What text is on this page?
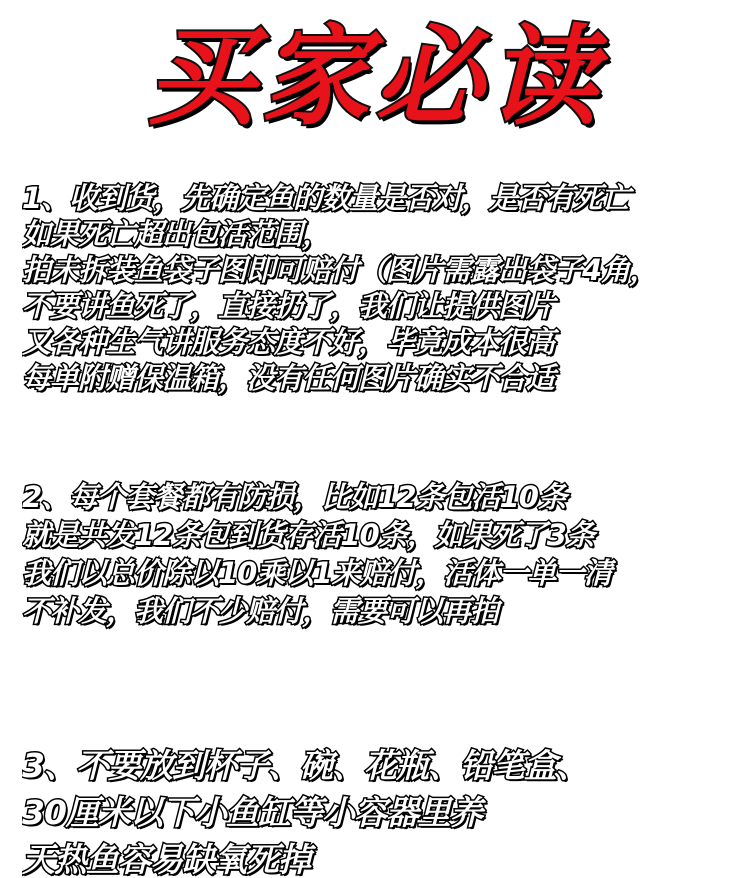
买家必读
1、收到货，先确定鱼的数量是否对，是否有死亡
如果死亡超出包活范围，
拍未拆装鱼袋子图即可赔付（图片需露出袋子4角，
不要讲鱼死了，直接扔了，我们让提供图片
又各种生气讲服务态度不好，毕竟成本很高
每单附赠保温箱，没有任何图片确实不合适
2、每个套餐都有防损，比如12条包活10条
就是共发12条包到货存活10条，如果死了3条
我们以总价除以10乘以1来赔付，活体一单一清
不补发，我们不少赔付，需要可以再拍
3、不要放到杯子、碗、花瓶、铅笔盒、
30厘米以下小鱼缸等小容器里养
天热鱼容易缺氧死掉
